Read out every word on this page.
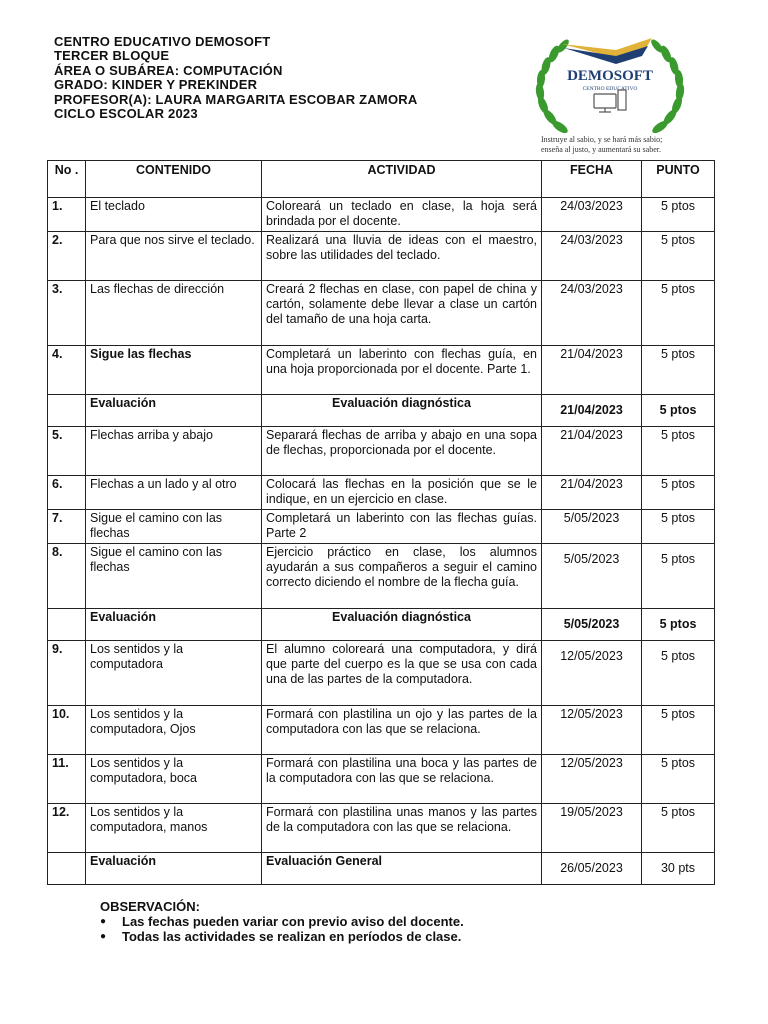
CENTRO EDUCATIVO DEMOSOFT
TERCER BLOQUE
ÁREA O SUBÁREA: COMPUTACIÓN
GRADO: KINDER Y PREKINDER
PROFESOR(A): LAURA MARGARITA ESCOBAR ZAMORA
CICLO ESCOLAR 2023
DEMOSOFT
CENTRO EDUCATIVO
Instruye al sabio, y se hará más sabio;
enseña al justo, y aumentará su saber.
No .	CONTENIDO	ACTIVIDAD	FECHA	PUNTO
1.	El teclado	Coloreará un teclado en clase, la hoja será brindada por el docente.	24/03/2023	5 ptos
2.	Para que nos sirve el teclado.	Realizará una lluvia de ideas con el maestro, sobre las utilidades del teclado.	24/03/2023	5 ptos
3.	Las flechas de dirección	Creará 2 flechas en clase, con papel de china y cartón, solamente debe llevar a clase un cartón del tamaño de una hoja carta.	24/03/2023	5 ptos
4.	Sigue las flechas	Completará un laberinto con flechas guía, en una hoja proporcionada por el docente. Parte 1.	21/04/2023	5 ptos
	Evaluación	Evaluación diagnóstica	21/04/2023	5 ptos
5.	Flechas arriba y abajo	Separará flechas de arriba y abajo en una sopa de flechas, proporcionada por el docente.	21/04/2023	5 ptos
6.	Flechas a un lado y al otro	Colocará las flechas en la posición que se le indique, en un ejercicio en clase.	21/04/2023	5 ptos
7.	Sigue el camino con las flechas	Completará un laberinto con las flechas guías. Parte 2	5/05/2023	5 ptos
8.	Sigue el camino con las flechas	Ejercicio práctico en clase, los alumnos ayudarán a sus compañeros a seguir el camino correcto diciendo el nombre de la flecha guía.	5/05/2023	5 ptos
	Evaluación	Evaluación diagnóstica	5/05/2023	5 ptos
9.	Los sentidos y la computadora	El alumno coloreará una computadora, y dirá que parte del cuerpo es la que se usa con cada una de las partes de la computadora.	12/05/2023	5 ptos
10.	Los sentidos y la computadora, Ojos	Formará con plastilina un ojo y las partes de la computadora con las que se relaciona.	12/05/2023	5 ptos
11.	Los sentidos y la computadora, boca	Formará con plastilina una boca y las partes de la computadora con las que se relaciona.	12/05/2023	5 ptos
12.	Los sentidos y la computadora, manos	Formará con plastilina unas manos y las partes de la computadora con las que se relaciona.	19/05/2023	5 ptos
	Evaluación	Evaluación General	26/05/2023	30 pts
OBSERVACIÓN:
● Las fechas pueden variar con previo aviso del docente.
● Todas las actividades se realizan en períodos de clase.
